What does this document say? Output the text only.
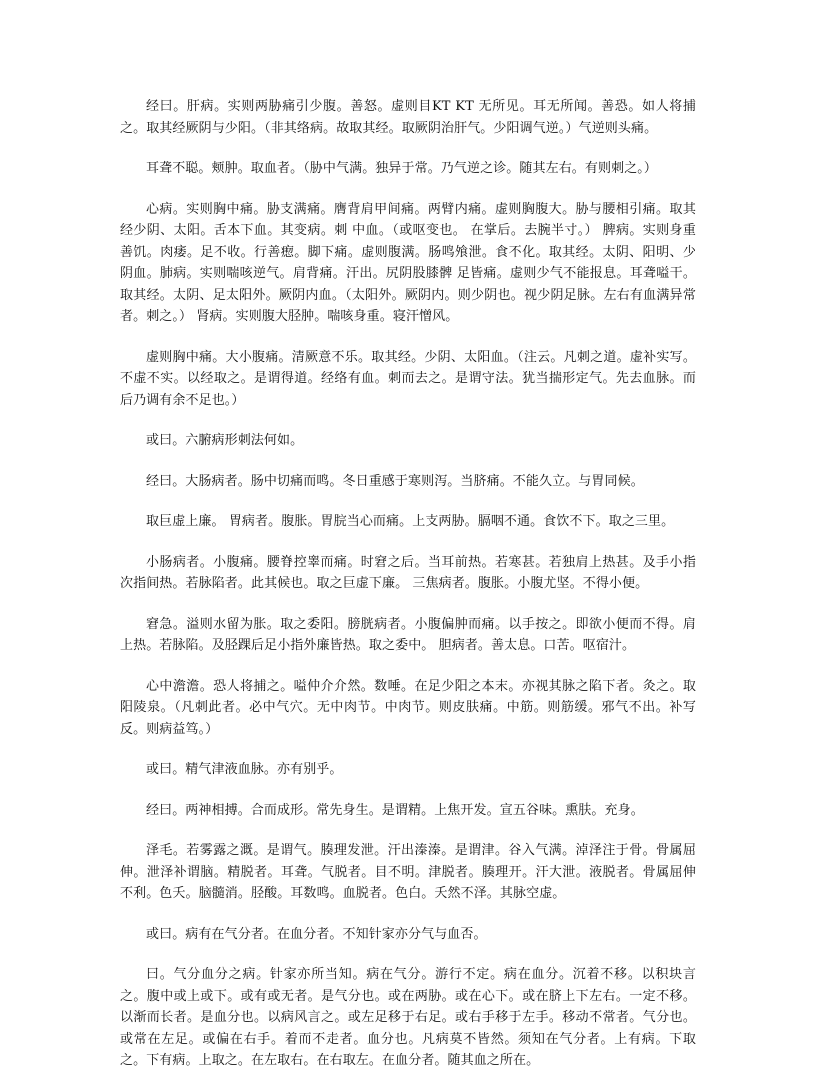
经曰。肝病。实则两胁痛引少腹。善怒。虚则目KT KT 无所见。耳无所闻。善恐。如人将捕之。取其经厥阴与少阳。（非其络病。故取其经。取厥阴治肝气。少阳调气逆。）气逆则头痛。

耳聋不聪。颊肿。取血者。（胁中气满。独异于常。乃气逆之诊。随其左右。有则刺之。）

心病。实则胸中痛。胁支满痛。膺背肩甲间痛。两臂内痛。虚则胸腹大。胁与腰相引痛。取其经少阴、太阳。舌本下血。其变病。刺 中血。（或呕变也。 在掌后。去腕半寸。） 脾病。实则身重善饥。肉痿。足不收。行善瘛。脚下痛。虚则腹满。肠鸣飧泄。食不化。取其经。太阴、阳明、少阴血。肺病。实则喘咳逆气。肩背痛。汗出。尻阴股膝髀 足皆痛。虚则少气不能报息。耳聋嗌干。取其经。太阴、足太阳外。厥阴内血。（太阳外。厥阴内。则少阴也。视少阴足脉。左右有血满异常者。刺之。） 肾病。实则腹大胫肿。喘咳身重。寝汗憎风。

虚则胸中痛。大小腹痛。清厥意不乐。取其经。少阴、太阳血。（注云。凡刺之道。虚补实写。不虚不实。以经取之。是谓得道。经络有血。刺而去之。是谓守法。犹当揣形定气。先去血脉。而后乃调有余不足也。）

或曰。六腑病形刺法何如。

经曰。大肠病者。肠中切痛而鸣。冬日重感于寒则泻。当脐痛。不能久立。与胃同候。

取巨虚上廉。 胃病者。腹胀。胃脘当心而痛。上支两胁。膈咽不通。食饮不下。取之三里。

小肠病者。小腹痛。腰脊控睾而痛。时窘之后。当耳前热。若寒甚。若独肩上热甚。及手小指次指间热。若脉陷者。此其候也。取之巨虚下廉。 三焦病者。腹胀。小腹尤坚。不得小便。

窘急。溢则水留为胀。取之委阳。膀胱病者。小腹偏肿而痛。以手按之。即欲小便而不得。肩上热。若脉陷。及胫踝后足小指外廉皆热。取之委中。 胆病者。善太息。口苦。呕宿汁。

心中澹澹。恐人将捕之。嗌仲介介然。数唾。在足少阳之本末。亦视其脉之陷下者。灸之。取阳陵泉。（凡刺此者。必中气穴。无中肉节。中肉节。则皮肤痛。中筋。则筋缓。邪气不出。补写反。则病益笃。）

或曰。精气津液血脉。亦有别乎。

经曰。两神相搏。合而成形。常先身生。是谓精。上焦开发。宣五谷味。熏肤。充身。

泽毛。若雾露之溉。是谓气。腠理发泄。汗出溱溱。是谓津。谷入气满。淖泽注于骨。骨属屈伸。泄泽补谓脑。精脱者。耳聋。气脱者。目不明。津脱者。腠理开。汗大泄。液脱者。骨属屈伸不利。色夭。脑髓消。胫酸。耳数鸣。血脱者。色白。夭然不泽。其脉空虚。

或曰。病有在气分者。在血分者。不知针家亦分气与血否。

曰。气分血分之病。针家亦所当知。病在气分。游行不定。病在血分。沉着不移。以积块言之。腹中或上或下。或有或无者。是气分也。或在两胁。或在心下。或在脐上下左右。一定不移。以渐而长者。是血分也。以病风言之。或左足移于右足。或右手移于左手。移动不常者。气分也。或常在左足。或偏在右手。着而不走者。血分也。凡病莫不皆然。须知在气分者。上有病。下取之。下有病。上取之。在左取右。在右取左。在血分者。随其血之所在。
